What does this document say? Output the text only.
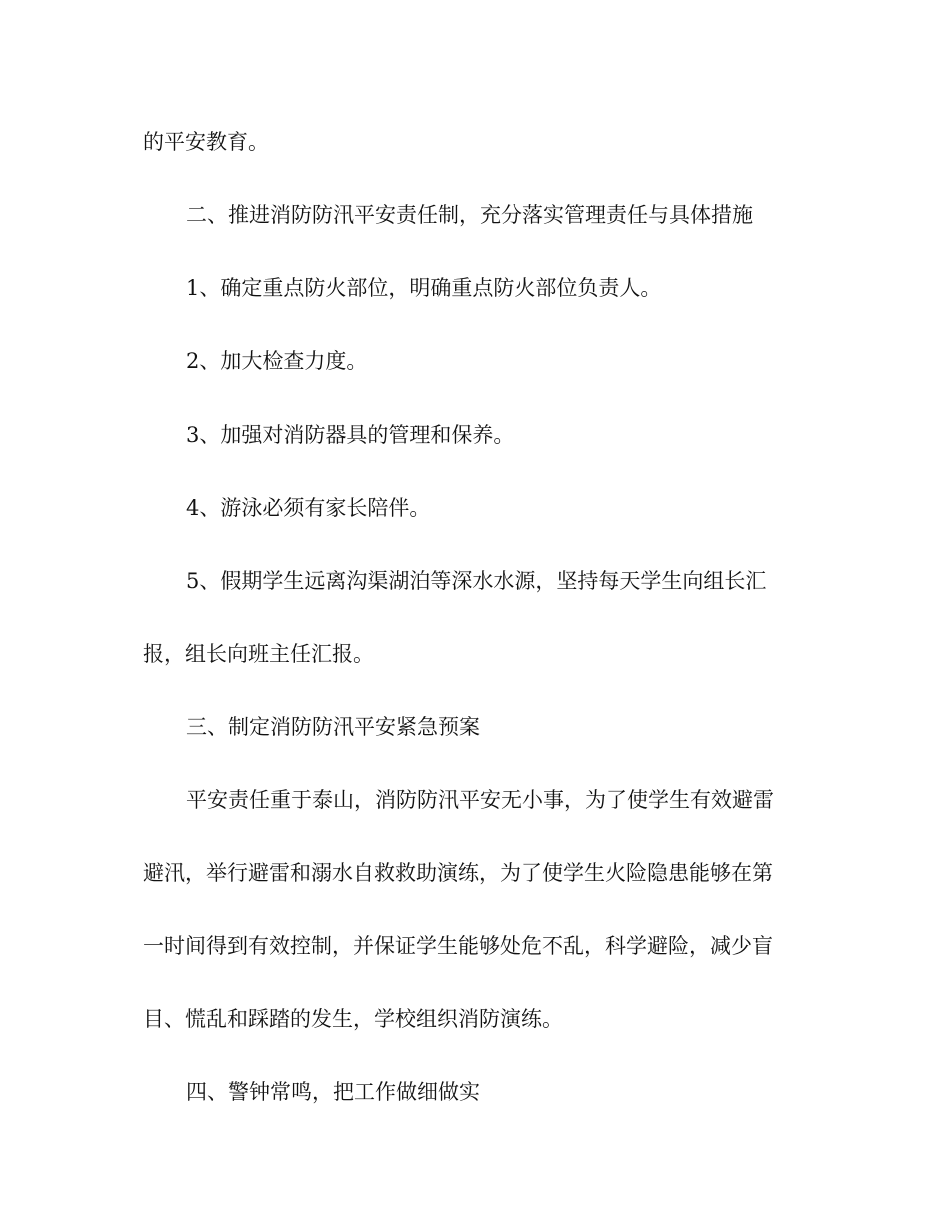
的平安教育。
二、推进消防防汛平安责任制，充分落实管理责任与具体措施
1、确定重点防火部位，明确重点防火部位负责人。
2、加大检查力度。
3、加强对消防器具的管理和保养。
4、游泳必须有家长陪伴。
5、假期学生远离沟渠湖泊等深水水源，坚持每天学生向组长汇
报，组长向班主任汇报。
三、制定消防防汛平安紧急预案
平安责任重于泰山，消防防汛平安无小事，为了使学生有效避雷
避汛，举行避雷和溺水自救救助演练，为了使学生火险隐患能够在第
一时间得到有效控制，并保证学生能够处危不乱，科学避险，减少盲
目、慌乱和踩踏的发生，学校组织消防演练。
四、警钟常鸣，把工作做细做实
